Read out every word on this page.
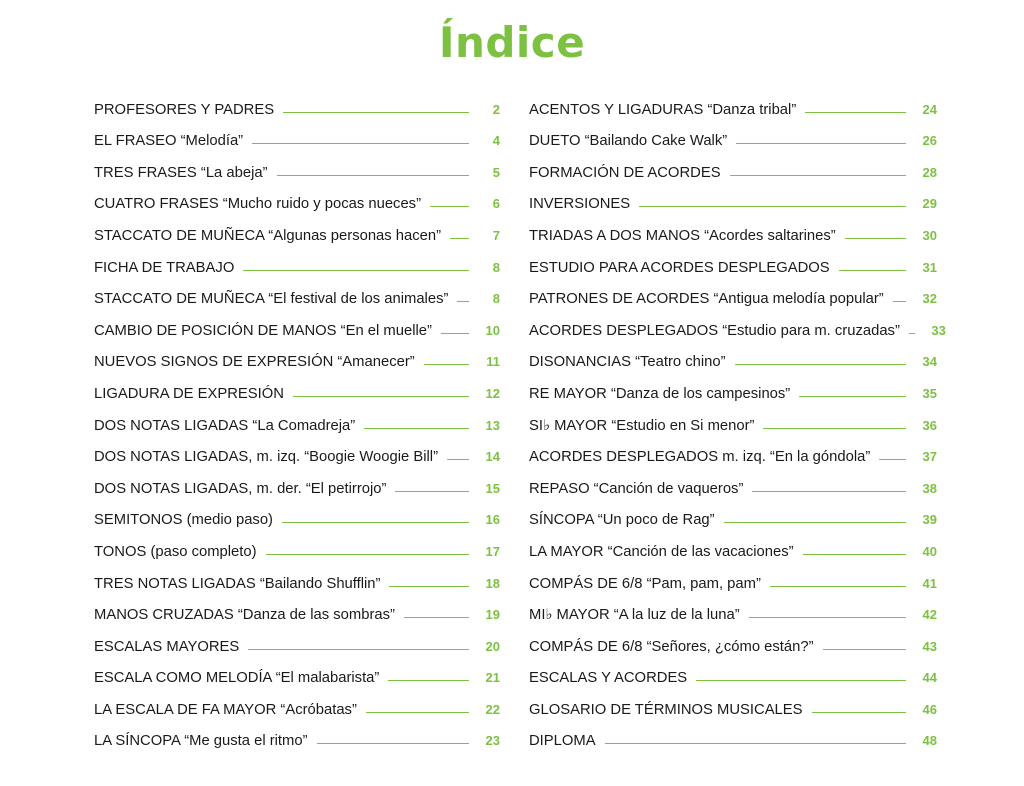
Índice
PROFESORES Y PADRES	2
EL FRASEO “Melodía”	4
TRES FRASES “La abeja”	5
CUATRO FRASES “Mucho ruido y pocas nueces”	6
STACCATO DE MUÑECA “Algunas personas hacen”	7
FICHA DE TRABAJO	8
STACCATO DE MUÑECA “El festival de los animales”	8
CAMBIO DE POSICIÓN DE MANOS “En el muelle”	10
NUEVOS SIGNOS DE EXPRESIÓN “Amanecer”	11
LIGADURA DE EXPRESIÓN	12
DOS NOTAS LIGADAS “La Comadreja”	13
DOS NOTAS LIGADAS, m. izq. “Boogie Woogie Bill”	14
DOS NOTAS LIGADAS, m. der. “El petirrojo”	15
SEMITONOS (medio paso)	16
TONOS (paso completo)	17
TRES NOTAS LIGADAS “Bailando Shufflin”	18
MANOS CRUZADAS “Danza de las sombras”	19
ESCALAS MAYORES	20
ESCALA COMO MELODÍA “El malabarista”	21
LA ESCALA DE FA MAYOR “Acróbatas”	22
LA SÍNCOPA “Me gusta el ritmo”	23
ACENTOS Y LIGADURAS “Danza tribal”	24
DUETO “Bailando Cake Walk”	26
FORMACIÓN DE ACORDES	28
INVERSIONES	29
TRIADAS A DOS MANOS “Acordes saltarines”	30
ESTUDIO PARA ACORDES DESPLEGADOS	31
PATRONES DE ACORDES “Antigua melodía popular”	32
ACORDES DESPLEGADOS “Estudio para m. cruzadas”	33
DISONANCIAS “Teatro chino”	34
RE MAYOR “Danza de los campesinos”	35
SI♭ MAYOR “Estudio en Si menor”	36
ACORDES DESPLEGADOS m. izq. “En la góndola”	37
REPASO “Canción de vaqueros”	38
SÍNCOPA “Un poco de Rag”	39
LA MAYOR “Canción de las vacaciones”	40
COMPÁS DE 6/8 “Pam, pam, pam”	41
MI♭ MAYOR “A la luz de la luna”	42
COMPÁS DE 6/8 “Señores, ¿cómo están?”	43
ESCALAS Y ACORDES	44
GLOSARIO DE TÉRMINOS MUSICALES	46
DIPLOMA	48
